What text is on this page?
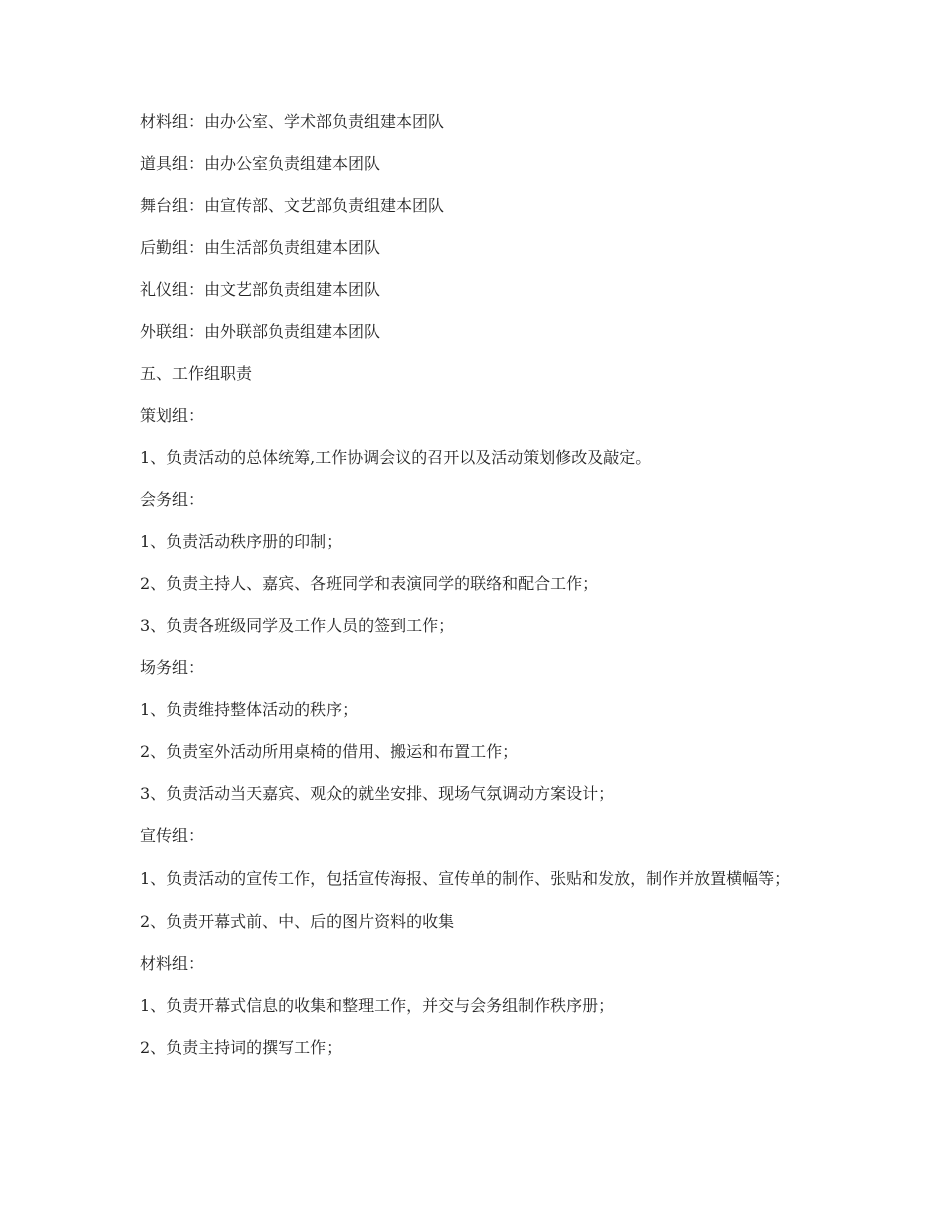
材料组：由办公室、学术部负责组建本团队

道具组：由办公室负责组建本团队

舞台组：由宣传部、文艺部负责组建本团队

后勤组：由生活部负责组建本团队

礼仪组：由文艺部负责组建本团队

外联组：由外联部负责组建本团队

五、工作组职责

策划组：

1、负责活动的总体统筹,工作协调会议的召开以及活动策划修改及敲定。

会务组：

1、负责活动秩序册的印制；

2、负责主持人、嘉宾、各班同学和表演同学的联络和配合工作；

3、负责各班级同学及工作人员的签到工作；

场务组：

1、负责维持整体活动的秩序；

2、负责室外活动所用桌椅的借用、搬运和布置工作；

3、负责活动当天嘉宾、观众的就坐安排、现场气氛调动方案设计；

宣传组：

1、负责活动的宣传工作，包括宣传海报、宣传单的制作、张贴和发放，制作并放置横幅等；

2、负责开幕式前、中、后的图片资料的收集

材料组：

1、负责开幕式信息的收集和整理工作，并交与会务组制作秩序册；

2、负责主持词的撰写工作；
